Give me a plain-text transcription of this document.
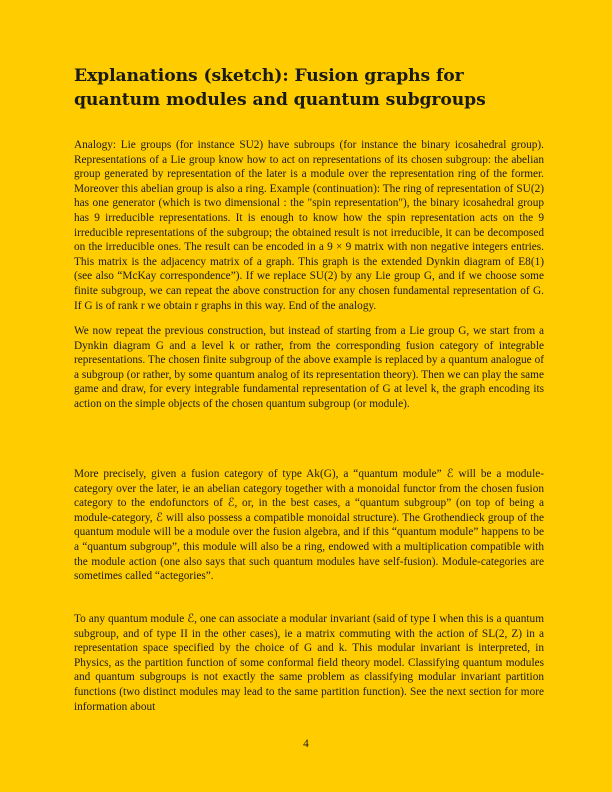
Explanations (sketch): Fusion graphs for quantum modules and quantum subgroups

Analogy: Lie groups (for instance SU2) have subroups (for instance the binary icosahedral group). Representations of a Lie group know how to act on representations of its chosen subgroup: the abelian group generated by representation of the later is a module over the representation ring of the former. Moreover this abelian group is also a ring. Example (continuation): The ring of representation of SU(2) has one generator (which is two dimensional : the "spin representation"), the binary icosahedral group has 9 irreducible representations. It is enough to know how the spin representation acts on the 9 irreducible representations of the subgroup; the obtained result is not irreducible, it can be decomposed on the irreducible ones. The result can be encoded in a 9 × 9 matrix with non negative integers entries. This matrix is the adjacency matrix of a graph. This graph is the extended Dynkin diagram of E8(1) (see also “McKay correspondence”). If we replace SU(2) by any Lie group G, and if we choose some finite subgroup, we can repeat the above construction for any chosen fundamental representation of G. If G is of rank r we obtain r graphs in this way. End of the analogy.

We now repeat the previous construction, but instead of starting from a Lie group G, we start from a Dynkin diagram G and a level k or rather, from the corresponding fusion category of integrable representations. The chosen finite subgroup of the above example is replaced by a quantum analogue of a subgroup (or rather, by some quantum analog of its representation theory). Then we can play the same game and draw, for every integrable fundamental representation of G at level k, the graph encoding its action on the simple objects of the chosen quantum subgroup (or module).

More precisely, given a fusion category of type Ak(G), a “quantum module” ℰ will be a module-category over the later, ie an abelian category together with a monoidal functor from the chosen fusion category to the endofunctors of ℰ, or, in the best cases, a “quantum subgroup” (on top of being a module-category, ℰ will also possess a compatible monoidal structure). The Grothendieck group of the quantum module will be a module over the fusion algebra, and if this “quantum module” happens to be a “quantum subgroup”, this module will also be a ring, endowed with a multiplication compatible with the module action (one also says that such quantum modules have self-fusion). Module-categories are sometimes called “actegories”.

To any quantum module ℰ, one can associate a modular invariant (said of type I when this is a quantum subgroup, and of type II in the other cases), ie a matrix commuting with the action of SL(2, Z) in a representation space specified by the choice of G and k. This modular invariant is interpreted, in Physics, as the partition function of some conformal field theory model. Classifying quantum modules and quantum subgroups is not exactly the same problem as classifying modular invariant partition functions (two distinct modules may lead to the same partition function). See the next section for more information about

4
